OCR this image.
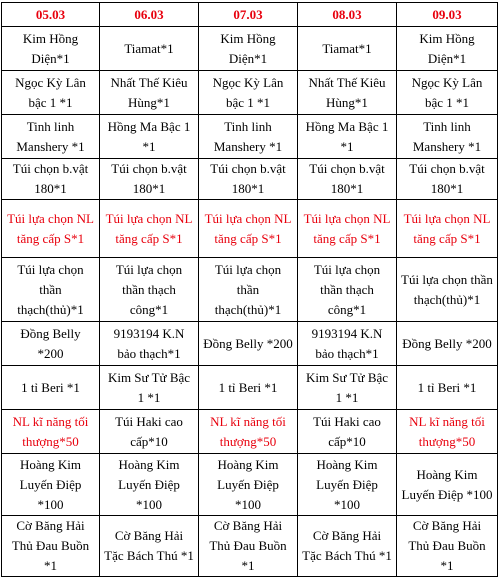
05.03	06.03	07.03	08.03	09.03
Kim Hồng Diện*1	Tiamat*1	Kim Hồng Diện*1	Tiamat*1	Kim Hồng Diện*1
Ngọc Kỳ Lân bậc 1 *1	Nhất Thế Kiêu Hùng*1	Ngọc Kỳ Lân bậc 1 *1	Nhất Thế Kiêu Hùng*1	Ngọc Kỳ Lân bậc 1 *1
Tinh linh Manshery *1	Hồng Ma Bậc 1 *1	Tinh linh Manshery *1	Hồng Ma Bậc 1 *1	Tinh linh Manshery *1
Túi chọn b.vật 180*1	Túi chọn b.vật 180*1	Túi chọn b.vật 180*1	Túi chọn b.vật 180*1	Túi chọn b.vật 180*1
Túi lựa chọn NL tăng cấp S*1	Túi lựa chọn NL tăng cấp S*1	Túi lựa chọn NL tăng cấp S*1	Túi lựa chọn NL tăng cấp S*1	Túi lựa chọn NL tăng cấp S*1
Túi lựa chọn thần thạch(thủ)*1	Túi lựa chọn thần thạch công*1	Túi lựa chọn thần thạch(thủ)*1	Túi lựa chọn thần thạch công*1	Túi lựa chọn thần thạch(thủ)*1
Đồng Belly *200	9193194 K.N bảo thạch*1	Đồng Belly *200	9193194 K.N bảo thạch*1	Đồng Belly *200
1 tỉ Beri *1	Kim Sư Tử Bậc 1 *1	1 tỉ Beri *1	Kim Sư Tử Bậc 1 *1	1 tỉ Beri *1
NL kĩ năng tối thượng*50	Túi Haki cao cấp*10	NL kĩ năng tối thượng*50	Túi Haki cao cấp*10	NL kĩ năng tối thượng*50
Hoàng Kim Luyến Điệp *100	Hoàng Kim Luyến Điệp *100	Hoàng Kim Luyến Điệp *100	Hoàng Kim Luyến Điệp *100	Hoàng Kim Luyến Điệp *100
Cờ Băng Hải Thủ Đau Buồn *1	Cờ Băng Hải Tặc Bách Thú *1	Cờ Băng Hải Thủ Đau Buồn *1	Cờ Băng Hải Tặc Bách Thú *1	Cờ Băng Hải Thủ Đau Buồn *1
